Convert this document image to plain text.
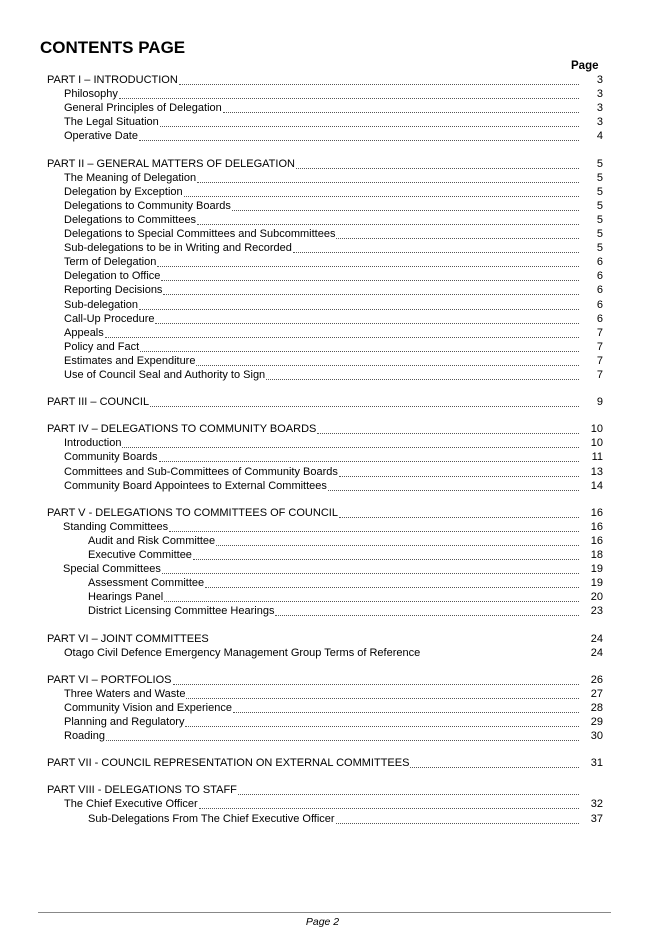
CONTENTS PAGE
Page
PART I – INTRODUCTION	3
Philosophy	3
General Principles of Delegation	3
The Legal Situation	3
Operative Date	4
PART II – GENERAL MATTERS OF DELEGATION	5
The Meaning of Delegation	5
Delegation by Exception	5
Delegations to Community Boards	5
Delegations to Committees	5
Delegations to Special Committees and Subcommittees	5
Sub-delegations to be in Writing and Recorded	5
Term of Delegation	6
Delegation to Office	6
Reporting Decisions	6
Sub-delegation	6
Call-Up Procedure	6
Appeals	7
Policy and Fact	7
Estimates and Expenditure	7
Use of Council Seal and Authority to Sign	7
PART III – COUNCIL	9
PART IV – DELEGATIONS TO COMMUNITY BOARDS	10
Introduction	10
Community Boards	11
Committees and Sub-Committees of Community Boards	13
Community Board Appointees to External Committees	14
PART V - DELEGATIONS TO COMMITTEES OF COUNCIL	16
Standing Committees	16
Audit and Risk Committee	16
Executive Committee	18
Special Committees	19
Assessment Committee	19
Hearings Panel	20
District Licensing Committee Hearings	23
PART VI – JOINT COMMITTEES	24
Otago Civil Defence Emergency Management Group Terms of Reference	24
PART VI – PORTFOLIOS	26
Three Waters and Waste	27
Community Vision and Experience	28
Planning and Regulatory	29
Roading	30
PART VII - COUNCIL REPRESENTATION ON EXTERNAL COMMITTEES	31
PART VIII - DELEGATIONS TO STAFF
The Chief Executive Officer	32
Sub-Delegations From The Chief Executive Officer	37
Page 2
